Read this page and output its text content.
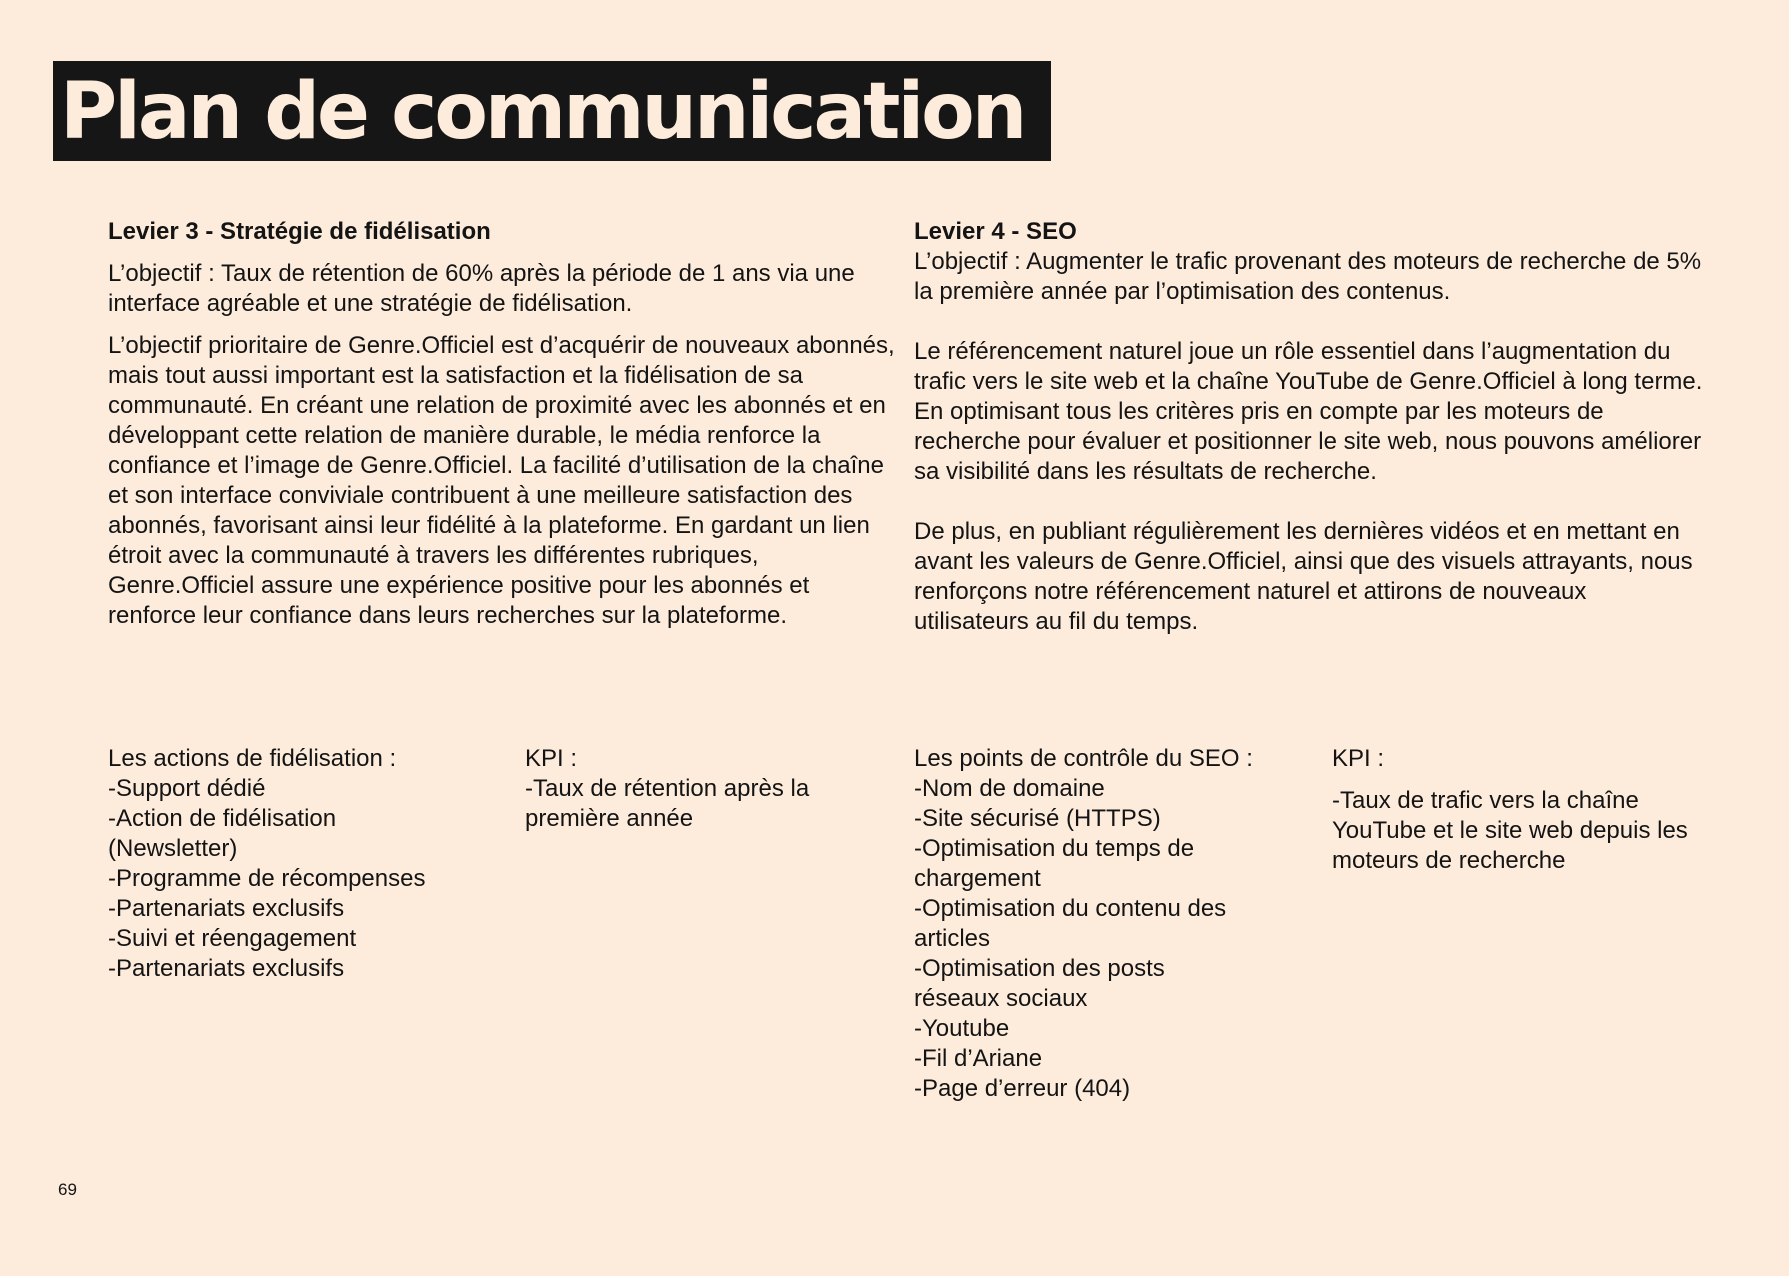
Plan de communication
Levier 3 - Stratégie de fidélisation

L’objectif : Taux de rétention de 60% après la période de 1 ans via une interface agréable et une stratégie de fidélisation.

L’objectif prioritaire de Genre.Officiel est d’acquérir de nouveaux abonnés, mais tout aussi important est la satisfaction et la fidélisation de sa communauté. En créant une relation de proximité avec les abonnés et en développant cette relation de manière durable, le média renforce la confiance et l’image de Genre.Officiel. La facilité d’utilisation de la chaîne et son interface conviviale contribuent à une meilleure satisfaction des abonnés, favorisant ainsi leur fidélité à la plateforme. En gardant un lien étroit avec la communauté à travers les différentes rubriques, Genre.Officiel assure une expérience positive pour les abonnés et renforce leur confiance dans leurs recherches sur la plateforme.

Les actions de fidélisation :
-Support dédié
-Action de fidélisation (Newsletter)
-Programme de récompenses
-Partenariats exclusifs
-Suivi et réengagement
-Partenariats exclusifs
KPI :
-Taux de rétention après la première année
Levier 4 - SEO

L’objectif : Augmenter le trafic provenant des moteurs de recherche de 5% la première année par l’optimisation des contenus.

Le référencement naturel joue un rôle essentiel dans l’augmentation du trafic vers le site web et la chaîne YouTube de Genre.Officiel à long terme. En optimisant tous les critères pris en compte par les moteurs de recherche pour évaluer et positionner le site web, nous pouvons améliorer sa visibilité dans les résultats de recherche.

De plus, en publiant régulièrement les dernières vidéos et en mettant en avant les valeurs de Genre.Officiel, ainsi que des visuels attrayants, nous renforçons notre référencement naturel et attirons de nouveaux utilisateurs au fil du temps.

Les points de contrôle du SEO :
-Nom de domaine
-Site sécurisé (HTTPS)
-Optimisation du temps de chargement
-Optimisation du contenu des articles
-Optimisation des posts réseaux sociaux
-Youtube
-Fil d’Ariane
-Page d’erreur (404)
KPI :
-Taux de trafic vers la chaîne YouTube et le site web depuis les moteurs de recherche
69
